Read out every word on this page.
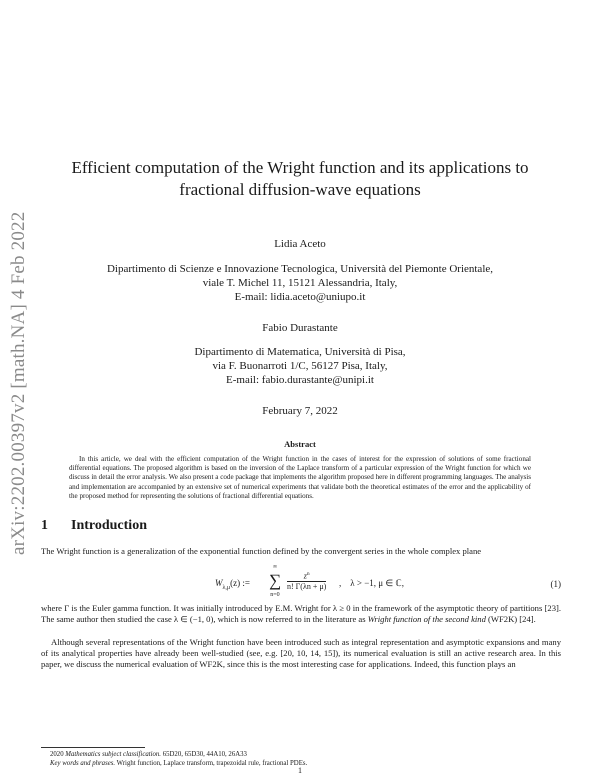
arXiv:2202.00397v2 [math.NA] 4 Feb 2022
Efficient computation of the Wright function and its applications to
fractional diffusion-wave equations
Lidia Aceto
Dipartimento di Scienze e Innovazione Tecnologica, Università del Piemonte Orientale,
viale T. Michel 11, 15121 Alessandria, Italy,
E-mail: lidia.aceto@uniupo.it
Fabio Durastante
Dipartimento di Matematica, Università di Pisa,
via F. Buonarroti 1/C, 56127 Pisa, Italy,
E-mail: fabio.durastante@unipi.it
February 7, 2022
Abstract
In this article, we deal with the efficient computation of the Wright function in the cases of interest for the expression of solutions of some fractional differential equations. The proposed algorithm is based on the inversion of the Laplace transform of a particular expression of the Wright function for which we discuss in detail the error analysis. We also present a code package that implements the algorithm proposed here in different programming languages. The analysis and implementation are accompanied by an extensive set of numerical experiments that validate both the theoretical estimates of the error and the applicability of the proposed method for representing the solutions of fractional differential equations.
1 Introduction
The Wright function is a generalization of the exponential function defined by the convergent series in the whole complex plane
$W_{\lambda,\mu}(z)$ :=
∞
∑
n=0
$\frac{z^n}{n! \Gamma(\lambda n + \mu)}$ ,    λ > −1, μ ∈ ℂ,	(1)
where Γ is the Euler gamma function. It was initially introduced by E.M. Wright for λ ≥ 0 in the framework of the asymptotic theory of partitions [23]. The same author then studied the case λ ∈ (−1, 0), which is now referred to in the literature as Wright function of the second kind (WF2K) [24].
Although several representations of the Wright function have been introduced such as integral representation and asymptotic expansions and many of its analytical properties have already been well-studied (see, e.g. [20, 10, 14, 15]), its numerical evaluation is still an active research area. In this paper, we discuss the numerical evaluation of WF2K, since this is the most interesting case for applications. Indeed, this function plays an
2020 Mathematics subject classification. 65D20, 65D30, 44A10, 26A33
Key words and phrases. Wright function, Laplace transform, trapezoidal rule, fractional PDEs.
1
